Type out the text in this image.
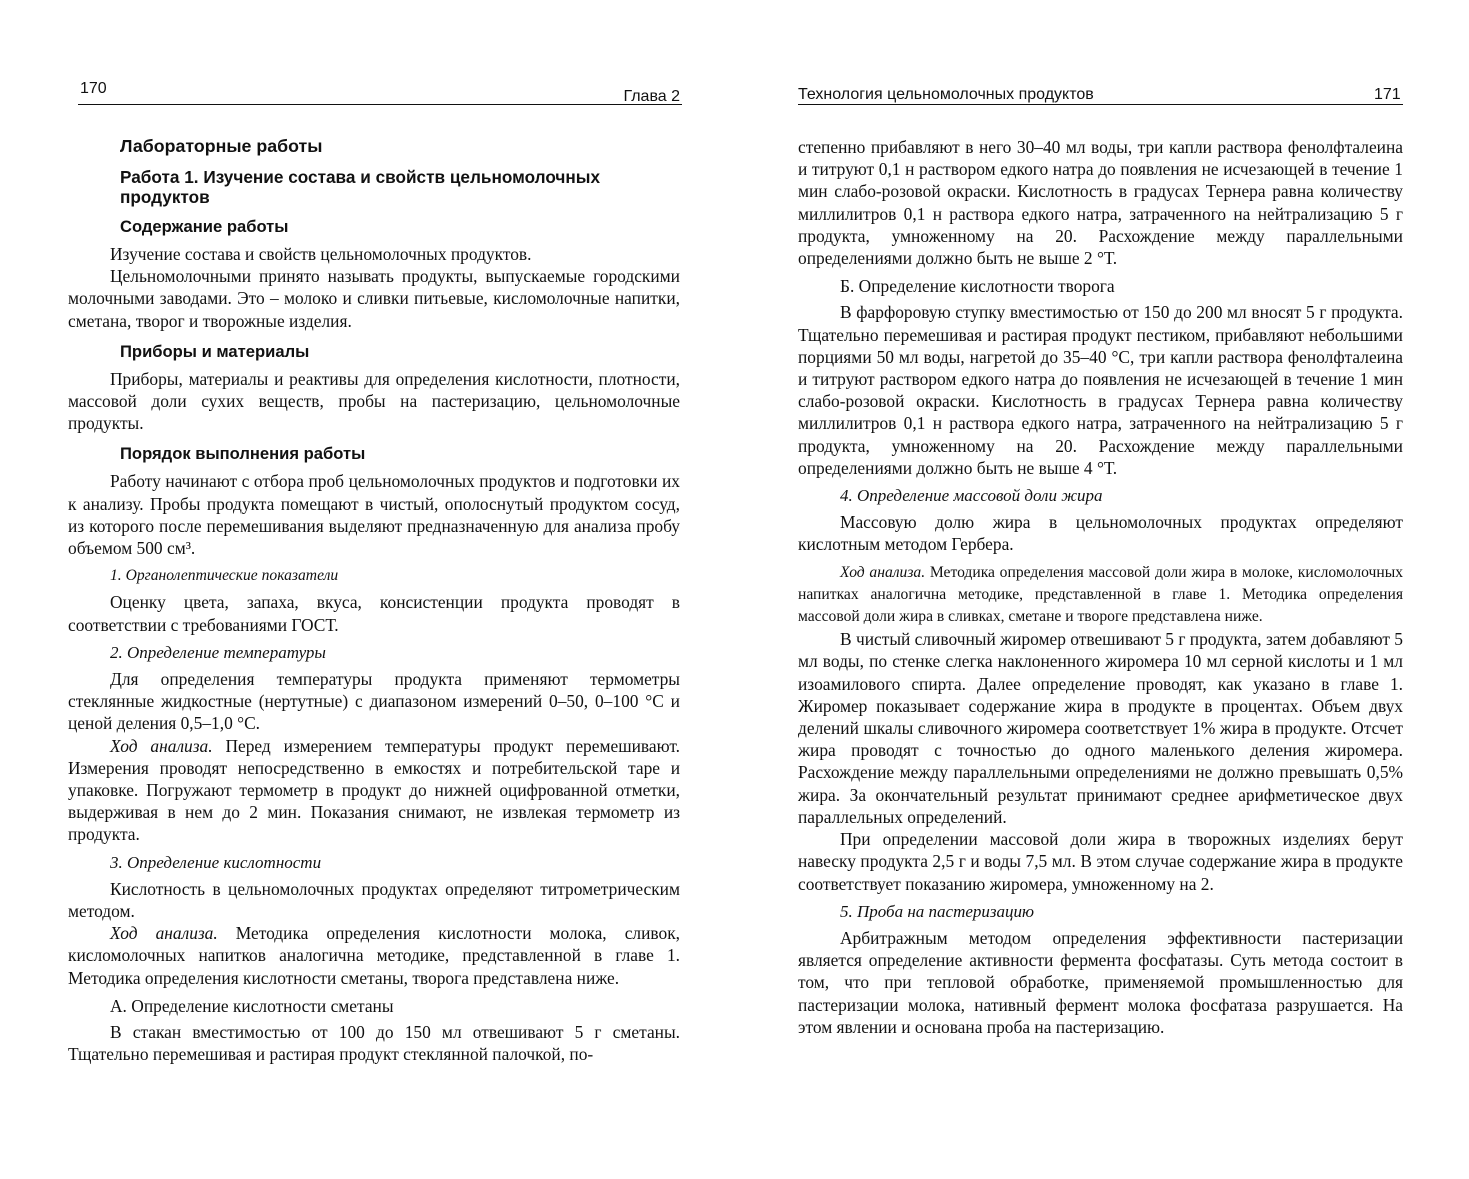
170	Глава 2
Лабораторные работы
Работа 1. Изучение состава и свойств цельномолочных продуктов
Содержание работы

Изучение состава и свойств цельномолочных продуктов.

Цельномолочными принято называть продукты, выпускаемые городскими молочными заводами. Это – молоко и сливки питьевые, кисломолочные напитки, сметана, творог и творожные изделия.

Приборы и материалы

Приборы, материалы и реактивы для определения кислотности, плотности, массовой доли сухих веществ, пробы на пастеризацию, цельномолочные продукты.

Порядок выполнения работы

Работу начинают с отбора проб цельномолочных продуктов и подготовки их к анализу. Пробы продукта помещают в чистый, ополоснутый продуктом сосуд, из которого после перемешивания выделяют предназначенную для анализа пробу объемом 500 см³.

1. Органолептические показатели

Оценку цвета, запаха, вкуса, консистенции продукта проводят в соответствии с требованиями ГОСТ.

2. Определение температуры

Для определения температуры продукта применяют термометры стеклянные жидкостные (нертутные) с диапазоном измерений 0–50, 0–100 °С и ценой деления 0,5–1,0 °С.

Ход анализа. Перед измерением температуры продукт перемешивают. Измерения проводят непосредственно в емкостях и потребительской таре и упаковке. Погружают термометр в продукт до нижней оцифрованной отметки, выдерживая в нем до 2 мин. Показания снимают, не извлекая термометр из продукта.

3. Определение кислотности

Кислотность в цельномолочных продуктах определяют титрометрическим методом.

Ход анализа. Методика определения кислотности молока, сливок, кисломолочных напитков аналогична методике, представленной в главе 1. Методика определения кислотности сметаны, творога представлена ниже.

А. Определение кислотности сметаны

В стакан вместимостью от 100 до 150 мл отвешивают 5 г сметаны. Тщательно перемешивая и растирая продукт стеклянной палочкой, по-

Технология цельномолочных продуктов	171

степенно прибавляют в него 30–40 мл воды, три капли раствора фенолфталеина и титруют 0,1 н раствором едкого натра до появления не исчезающей в течение 1 мин слабо-розовой окраски. Кислотность в градусах Тернера равна количеству миллилитров 0,1 н раствора едкого натра, затраченного на нейтрализацию 5 г продукта, умноженному на 20. Расхождение между параллельными определениями должно быть не выше 2 °Т.

Б. Определение кислотности творога

В фарфоровую ступку вместимостью от 150 до 200 мл вносят 5 г продукта. Тщательно перемешивая и растирая продукт пестиком, прибавляют небольшими порциями 50 мл воды, нагретой до 35–40 °С, три капли раствора фенолфталеина и титруют раствором едкого натра до появления не исчезающей в течение 1 мин слабо-розовой окраски. Кислотность в градусах Тернера равна количеству миллилитров 0,1 н раствора едкого натра, затраченного на нейтрализацию 5 г продукта, умноженному на 20. Расхождение между параллельными определениями должно быть не выше 4 °Т.

4. Определение массовой доли жира

Массовую долю жира в цельномолочных продуктах определяют кислотным методом Гербера.

Ход анализа. Методика определения массовой доли жира в молоке, кисломолочных напитках аналогична методике, представленной в главе 1. Методика определения массовой доли жира в сливках, сметане и твороге представлена ниже.

В чистый сливочный жиромер отвешивают 5 г продукта, затем добавляют 5 мл воды, по стенке слегка наклоненного жиромера 10 мл серной кислоты и 1 мл изоамилового спирта. Далее определение проводят, как указано в главе 1. Жиромер показывает содержание жира в продукте в процентах. Объем двух делений шкалы сливочного жиромера соответствует 1% жира в продукте. Отсчет жира проводят с точностью до одного маленького деления жиромера. Расхождение между параллельными определениями не должно превышать 0,5% жира. За окончательный результат принимают среднее арифметическое двух параллельных определений.

При определении массовой доли жира в творожных изделиях берут навеску продукта 2,5 г и воды 7,5 мл. В этом случае содержание жира в продукте соответствует показанию жиромера, умноженному на 2.

5. Проба на пастеризацию

Арбитражным методом определения эффективности пастеризации является определение активности фермента фосфатазы. Суть метода состоит в том, что при тепловой обработке, применяемой промышленностью для пастеризации молока, нативный фермент молока фосфатаза разрушается. На этом явлении и основана проба на пастеризацию.
